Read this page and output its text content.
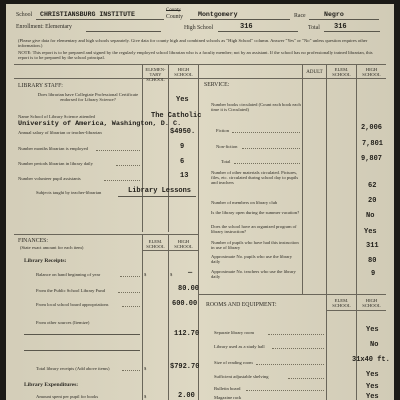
School CHRISTIANSBURG INSTITUTE
County
County Montgomery	Race	Negro
Enrollment: Elementary	High School	316	Total 316
(Please give data for elementary and high schools separately. Give data for county high and combined schools as "High School" column. Answer "Yes" or "No" unless question requires other information.)
NOTE: This report is to be prepared and signed by the regularly employed school librarian who is a faculty member; not by an assistant. If the school has no professionally trained librarian, this report is to be prepared by the school principal.
ELEMEN- TARY SCHOOL
HIGH SCHOOL
LIBRARY STAFF:
Does librarian have Collegiate Professional Certificate endorsed for Library Science?	Yes
Name School of Library Science attended	The Catholic
University of America, Washington, D. C.
Annual salary of librarian or teacher-librarian	$4950.
Number months librarian is employed	9
Number periods librarian in library daily	6
Number volunteer pupil assistants	13
Subjects taught by teacher-librarian	Library Lessons
ADULT
ELEM. SCHOOL
HIGH SCHOOL
SERVICE:
Number books circulated (Count each book each time it is Circulated)
Fiction	2,006
Non-fiction	7,801
Total	9,807
Number of other materials circulated. Pictures, files, etc. circulated during school day to pupils and teachers	62
Number of members on library club	20
Is the library open during the summer vacation?	No
Does the school have an organized program of library instruction?	Yes
Number of pupils who have had this instruction in use of library	311
Approximate No. pupils who use the library daily	80
Approximate No. teachers who use the library daily	9
FINANCES:
(State exact amount for each item)
ELEM. SCHOOL
HIGH SCHOOL
Library Receipts:
Balance on hand beginning of year	$	$ —
From the Public School Library Fund	80.00
From local school board appropriations	600.00
From other sources (Itemize)
112.70
Total library receipts (Add above items)	$	$792.70
Library Expenditures:
Amount spent per pupil for books	$	2.00
ROOMS AND EQUIPMENT:
ELEM. SCHOOL
HIGH SCHOOL
Separate library room	Yes
Library used as a study hall	No
Size of reading room	31x40 ft.
Sufficient adjustable shelving	Yes
Bulletin board	Yes
Magazine rack	Yes
